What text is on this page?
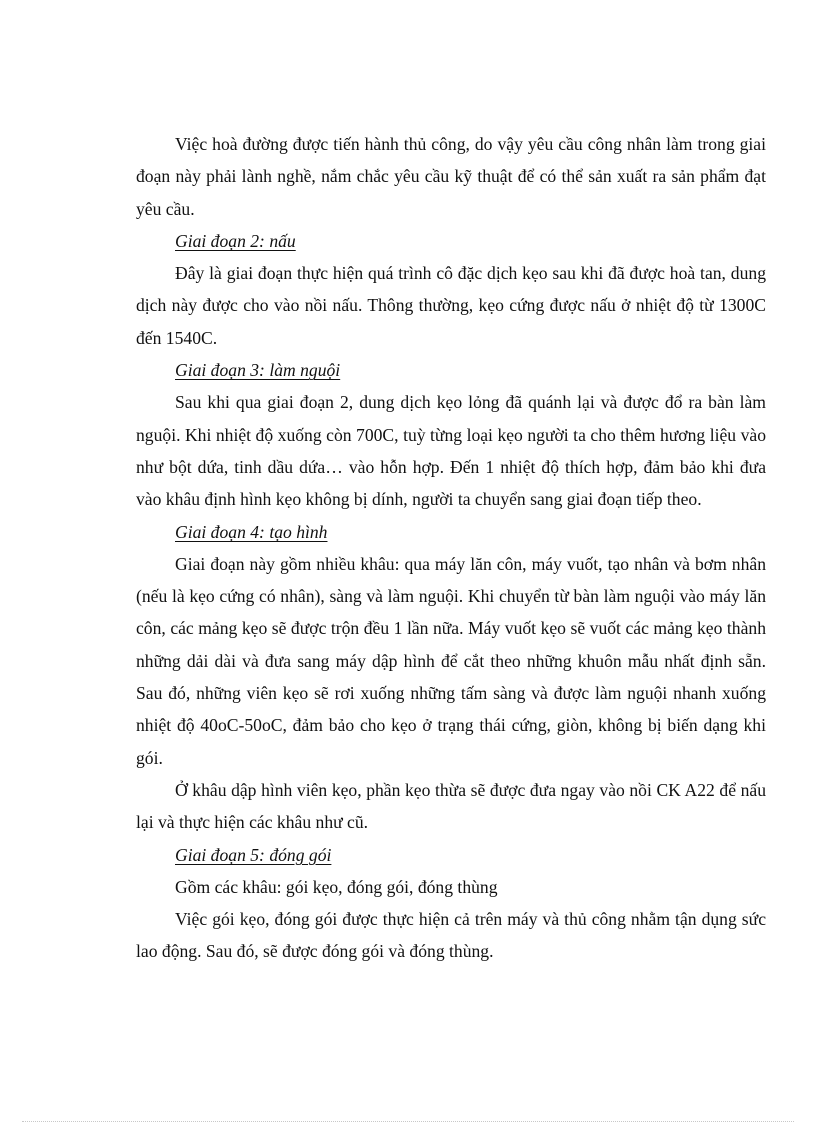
Việc hoà đường được tiến hành thủ công, do vậy yêu cầu công nhân làm trong giai đoạn này phải lành nghề, nắm chắc yêu cầu kỹ thuật để có thể sản xuất ra sản phẩm đạt yêu cầu.

Giai đoạn 2: nấu

Đây là giai đoạn thực hiện quá trình cô đặc dịch kẹo sau khi đã được hoà tan, dung dịch này được cho vào nồi nấu. Thông thường, kẹo cứng được nấu ở nhiệt độ từ 1300C đến 1540C.

Giai đoạn 3: làm nguội

Sau khi qua giai đoạn 2, dung dịch kẹo lỏng đã quánh lại và được đổ ra bàn làm nguội. Khi nhiệt độ xuống còn 700C, tuỳ từng loại kẹo người ta cho thêm hương liệu vào như bột dứa, tinh dầu dứa… vào hỗn hợp. Đến 1 nhiệt độ thích hợp, đảm bảo khi đưa vào khâu định hình kẹo không bị dính, người ta chuyển sang giai đoạn tiếp theo.

Giai đoạn 4: tạo hình

Giai đoạn này gồm nhiều khâu: qua máy lăn côn, máy vuốt, tạo nhân và bơm nhân (nếu là kẹo cứng có nhân), sàng và làm nguội. Khi chuyển từ bàn làm nguội vào máy lăn côn, các mảng kẹo sẽ được trộn đều 1 lần nữa. Máy vuốt kẹo sẽ vuốt các mảng kẹo thành những dải dài và đưa sang máy dập hình để cắt theo những khuôn mẫu nhất định sẵn. Sau đó, những viên kẹo sẽ rơi xuống những tấm sàng và được làm nguội nhanh xuống nhiệt độ 40oC-50oC, đảm bảo cho kẹo ở trạng thái cứng, giòn, không bị biến dạng khi gói.

Ở khâu dập hình viên kẹo, phần kẹo thừa sẽ được đưa ngay vào nồi CK A22 để nấu lại và thực hiện các khâu như cũ.

Giai đoạn 5: đóng gói

Gồm các khâu: gói kẹo, đóng gói, đóng thùng

Việc gói kẹo, đóng gói được thực hiện cả trên máy và thủ công nhằm tận dụng sức lao động. Sau đó, sẽ được đóng gói và đóng thùng.
